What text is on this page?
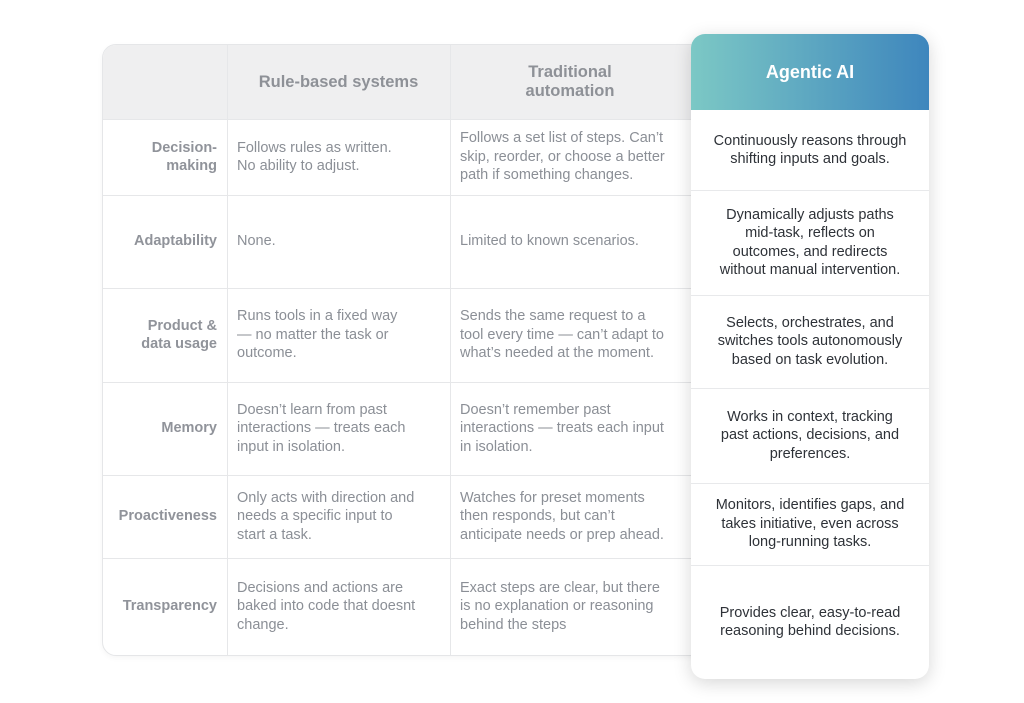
Rule-based systems
Traditional
automation
Decision-
making
Follows rules as written.
No ability to adjust.
Follows a set list of steps. Can’t
skip, reorder, or choose a better
path if something changes.
Adaptability None.	Limited to known scenarios.
Product &
data usage
Runs tools in a fixed way
— no matter the task or
outcome.
Sends the same request to a
tool every time — can’t adapt to
what’s needed at the moment.
Memory
Doesn’t learn from past
interactions — treats each
input in isolation.
Doesn’t remember past
interactions — treats each input
in isolation.
Proactiveness
Only acts with direction and
needs a specific input to
start a task.
Watches for preset moments
then responds, but can’t
anticipate needs or prep ahead.
Transparency
Decisions and actions are
baked into code that doesnt
change.
Exact steps are clear, but there
is no explanation or reasoning
behind the steps
Agentic AI
Continuously reasons through
shifting inputs and goals.
Dynamically adjusts paths
mid-task, reflects on
outcomes, and redirects
without manual intervention.
Selects, orchestrates, and
switches tools autonomously
based on task evolution.
Works in context, tracking
past actions, decisions, and
preferences.
Monitors, identifies gaps, and
takes initiative, even across
long-running tasks.
Provides clear, easy-to-read
reasoning behind decisions.
